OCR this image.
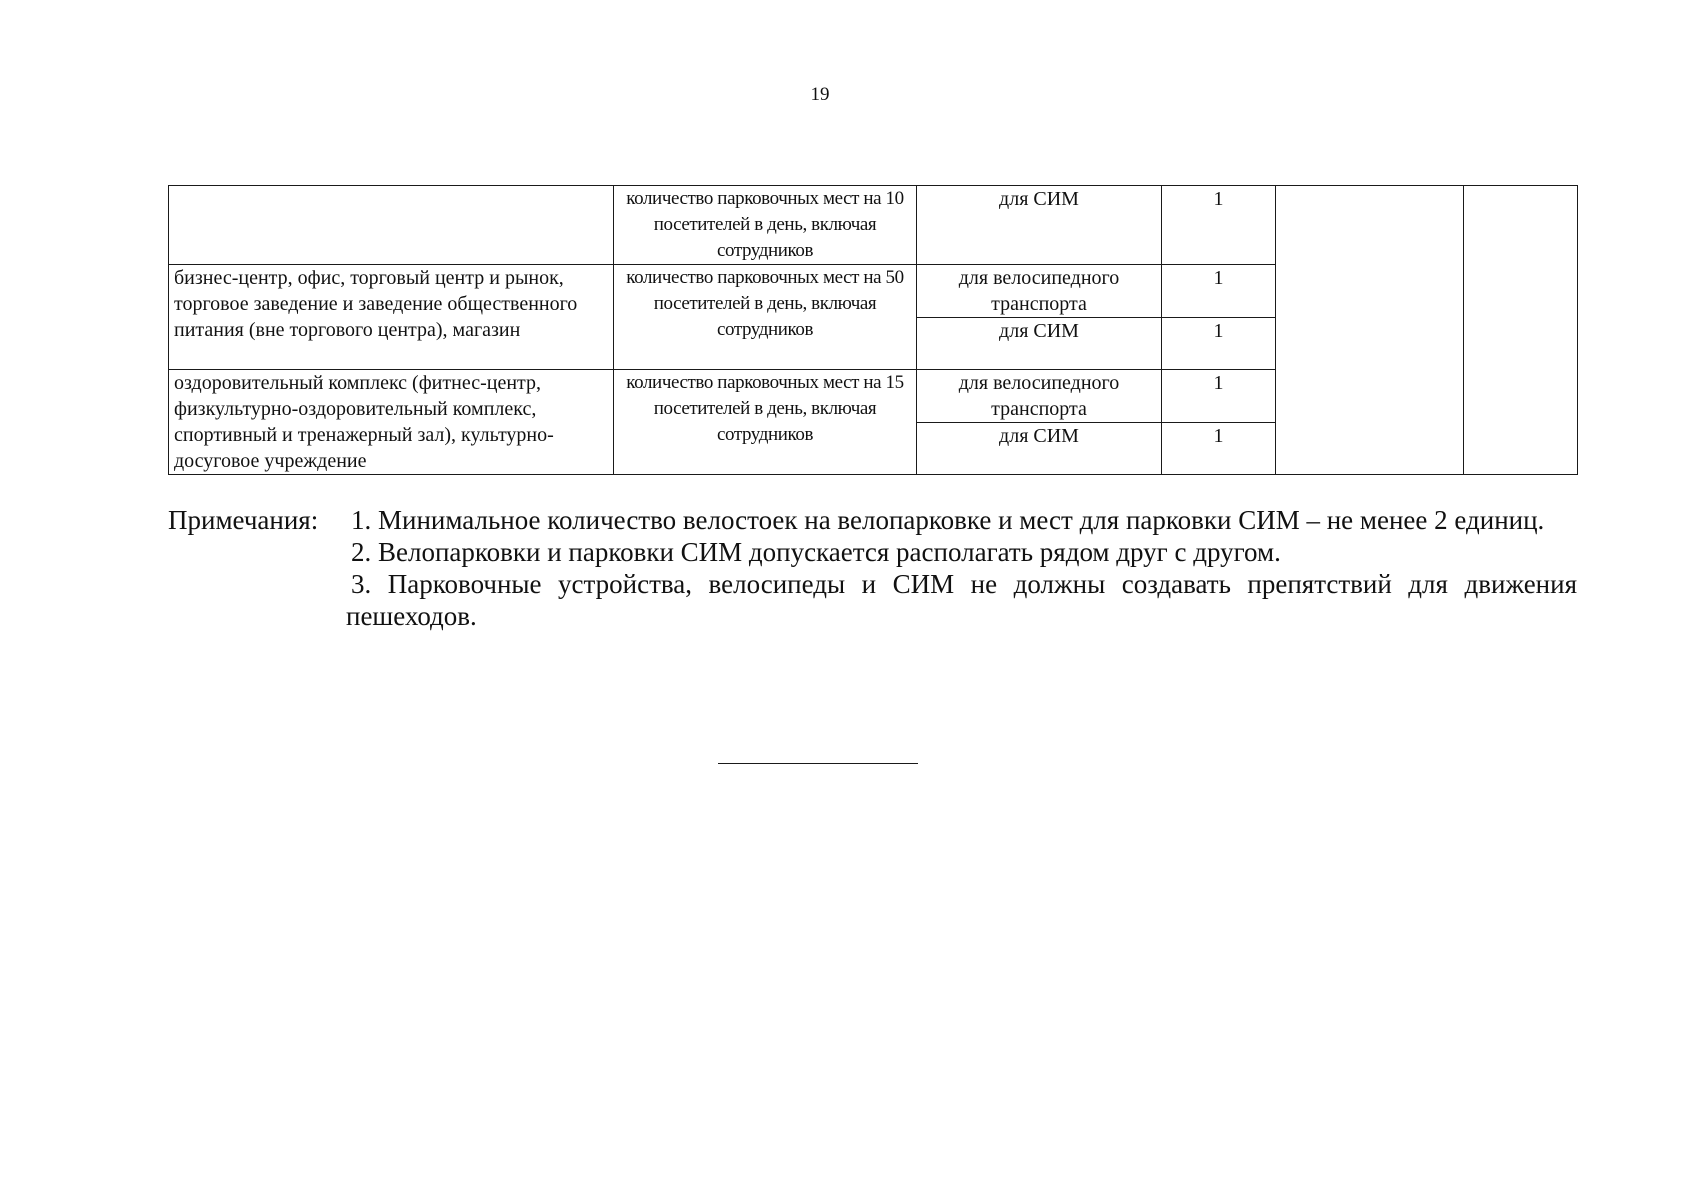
19
	количество парковочных мест на 10 посетителей в день, включая сотрудников	для СИМ	1		
бизнес-центр, офис, торговый центр и рынок, торговое заведение и заведение общественного питания (вне торгового центра), магазин	количество парковочных мест на 50 посетителей в день, включая сотрудников	для велосипедного транспорта	1		
		для СИМ	1		
оздоровительный комплекс (фитнес-центр, физкультурно-оздоровительный комплекс, спортивный и тренажерный зал), культурно-досуговое учреждение	количество парковочных мест на 15 посетителей в день, включая сотрудников	для велосипедного транспорта	1		
		для СИМ	1		
Примечания: 1. Минимальное количество велостоек на велопарковке и мест для парковки СИМ – не менее 2 единиц.
2. Велопарковки и парковки СИМ допускается располагать рядом друг с другом.
3. Парковочные устройства, велосипеды и СИМ не должны создавать препятствий для движения пешеходов.
